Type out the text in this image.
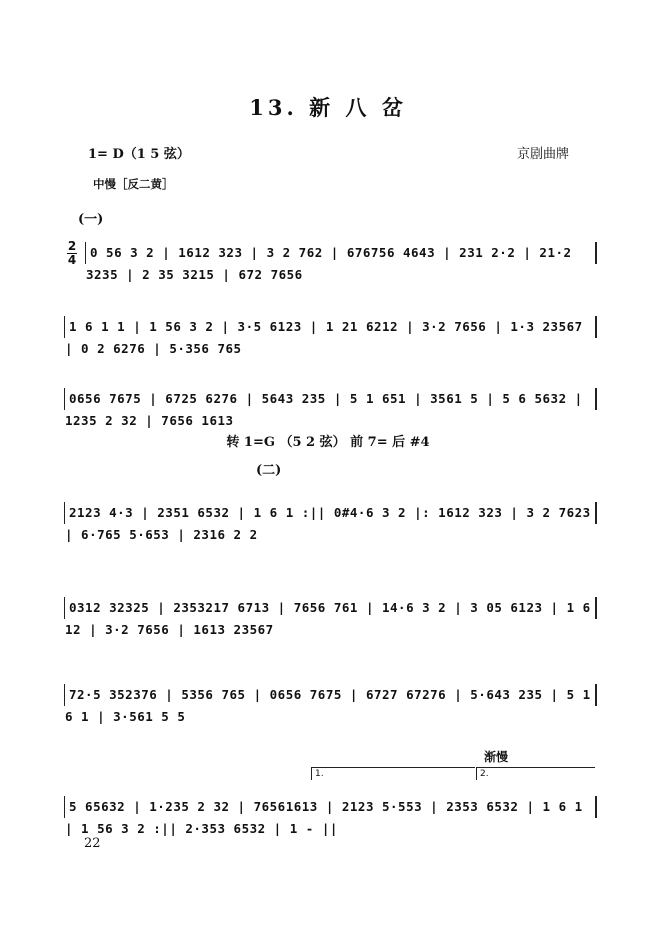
13. 新 八 岔
1= D（1 5 弦）	京剧曲牌
中慢［反二黄］
(一)
2
4	0 56 3 2 | 1612 323 | 3 2 762 | 676756 4643 | 231 2·2 | 21·2 3235 | 2 35 3215 | 672 7656
1 6 1 1 | 1 56 3 2 | 3·5 6123 | 1 21 6212 | 3·2 7656 | 1·3 23567 | 0 2 6276 | 5·356 765
0656 7675 | 6725 6276 | 5643 235 | 5 1 651 | 3561 5 | 5 6 5632 | 1235 2 32 | 7656 1613
转 1=G （5 2 弦） 前 7= 后 #4
(二)
2123 4·3 | 2351 6532 | 1 6 1 :|| 0#4·6 3 2 |: 1612 323 | 3 2 7623 | 6·765 5·653 | 2316 2 2
0312 32325 | 2353217 6713 | 7656 761 | 14·6 3 2 | 3 05 6123 | 1 6 12 | 3·2 7656 | 1613 23567
72·5 352376 | 5356 765 | 0656 7675 | 6727 67276 | 5·643 235 | 5 1 6 1 | 3·561 5 5
渐慢
1.	2.
5 65632 | 1·235 2 32 | 76561613 | 2123 5·553 | 2353 6532 | 1 6 1 | 1 56 3 2 :|| 2·353 6532 | 1 - ||
22
